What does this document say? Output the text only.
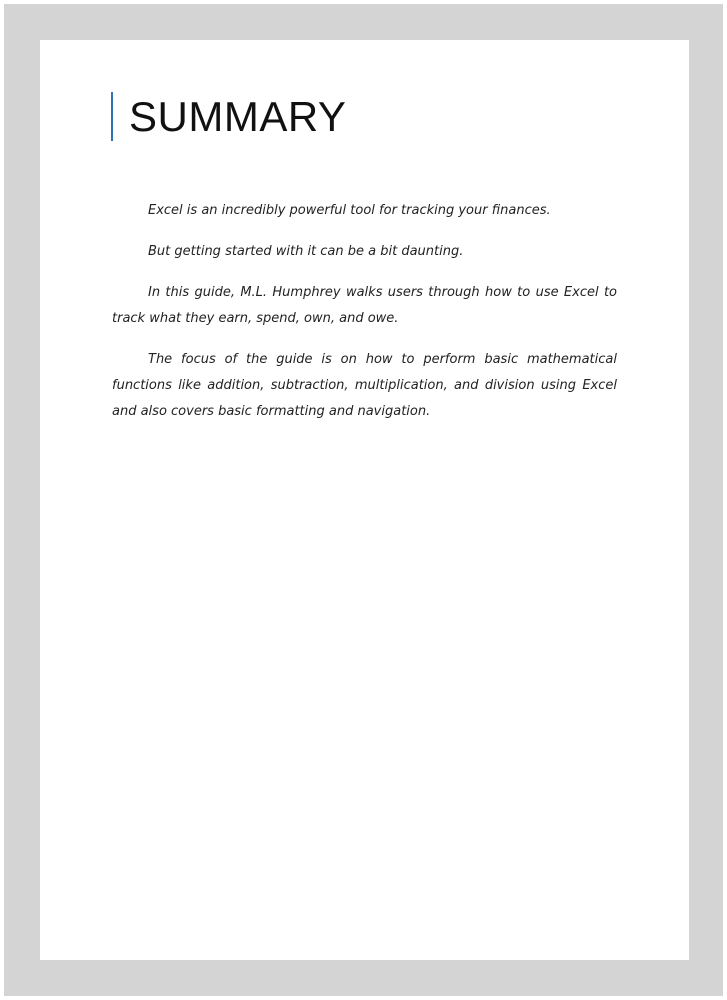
SUMMARY

Excel is an incredibly powerful tool for tracking your finances.

But getting started with it can be a bit daunting.

In this guide, M.L. Humphrey walks users through how to use Excel to track what they earn, spend, own, and owe.

The focus of the guide is on how to perform basic mathematical functions like addition, subtraction, multiplication, and division using Excel and also covers basic formatting and navigation.
